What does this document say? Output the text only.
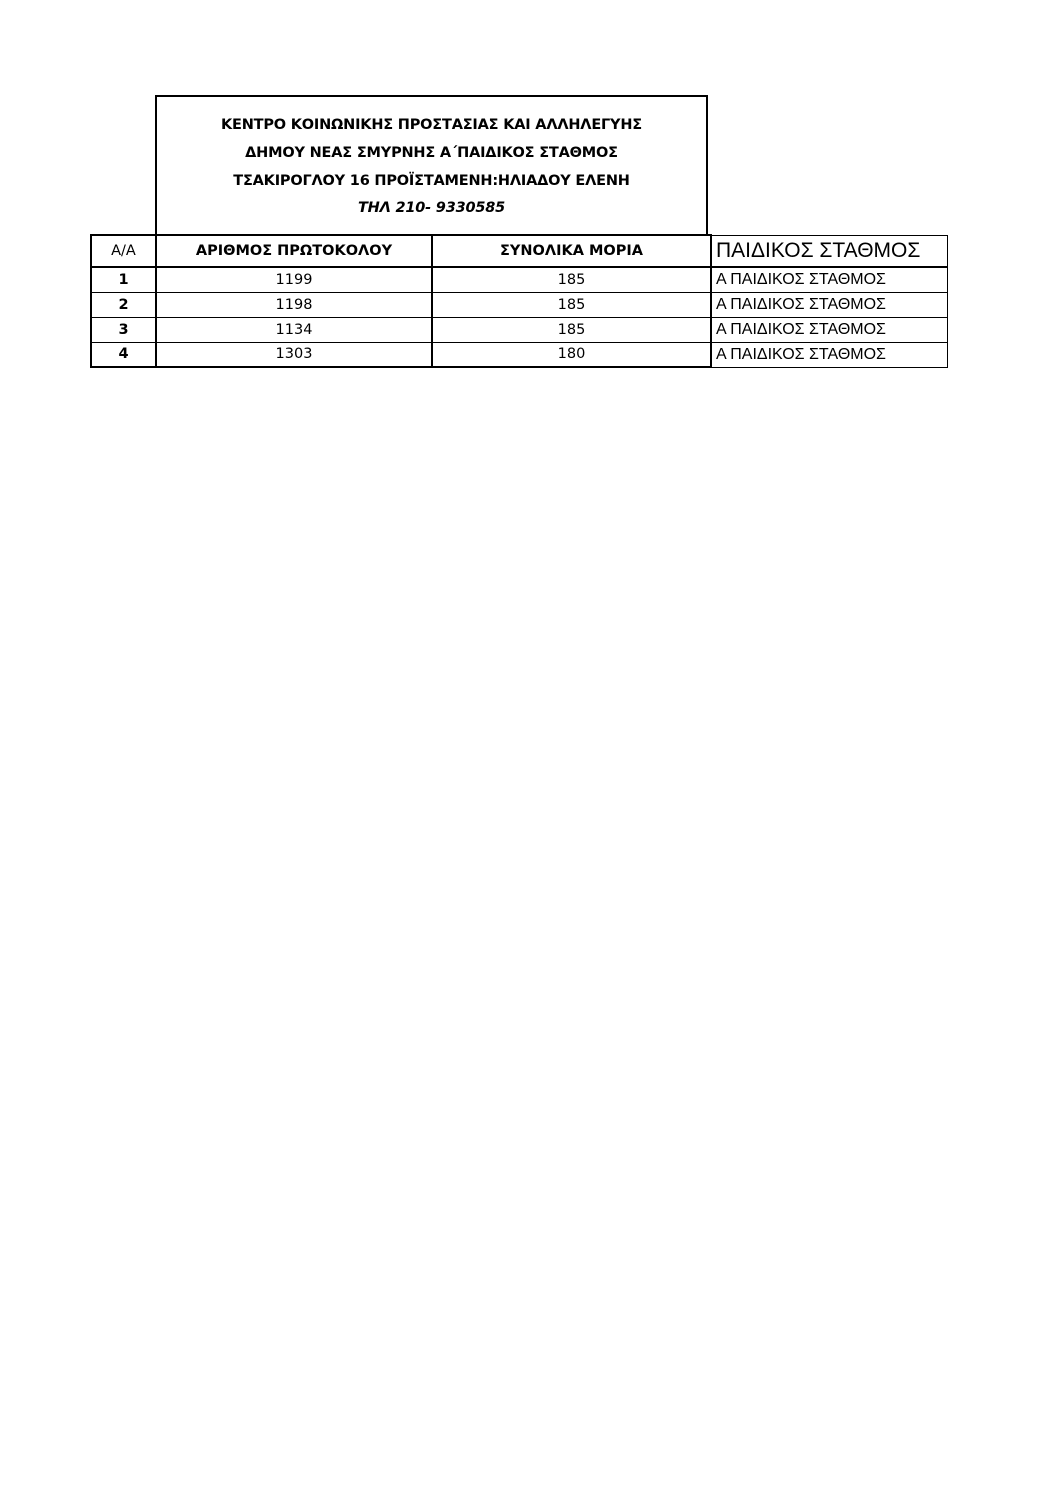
ΚΕΝΤΡΟ ΚΟΙΝΩΝΙΚΗΣ ΠΡΟΣΤΑΣΙΑΣ ΚΑΙ ΑΛΛΗΛΕΓΥΗΣ
ΔΗΜΟΥ ΝΕΑΣ ΣΜΥΡΝΗΣ Α΄ΠΑΙΔΙΚΟΣ ΣΤΑΘΜΟΣ
ΤΣΑΚΙΡΟΓΛΟΥ 16 ΠΡΟΪΣΤΑΜΕΝΗ:ΗΛΙΑΔΟΥ ΕΛΕΝΗ
ΤΗΛ 210- 9330585
Α/Α	ΑΡΙΘΜΟΣ ΠΡΩΤΟΚΟΛΟΥ	ΣΥΝΟΛΙΚΑ ΜΟΡΙΑ	ΠΑΙΔΙΚΟΣ ΣΤΑΘΜΟΣ
1	1199	185	Α ΠΑΙΔΙΚΟΣ ΣΤΑΘΜΟΣ
2	1198	185	Α ΠΑΙΔΙΚΟΣ ΣΤΑΘΜΟΣ
3	1134	185	Α ΠΑΙΔΙΚΟΣ ΣΤΑΘΜΟΣ
4	1303	180	Α ΠΑΙΔΙΚΟΣ ΣΤΑΘΜΟΣ
